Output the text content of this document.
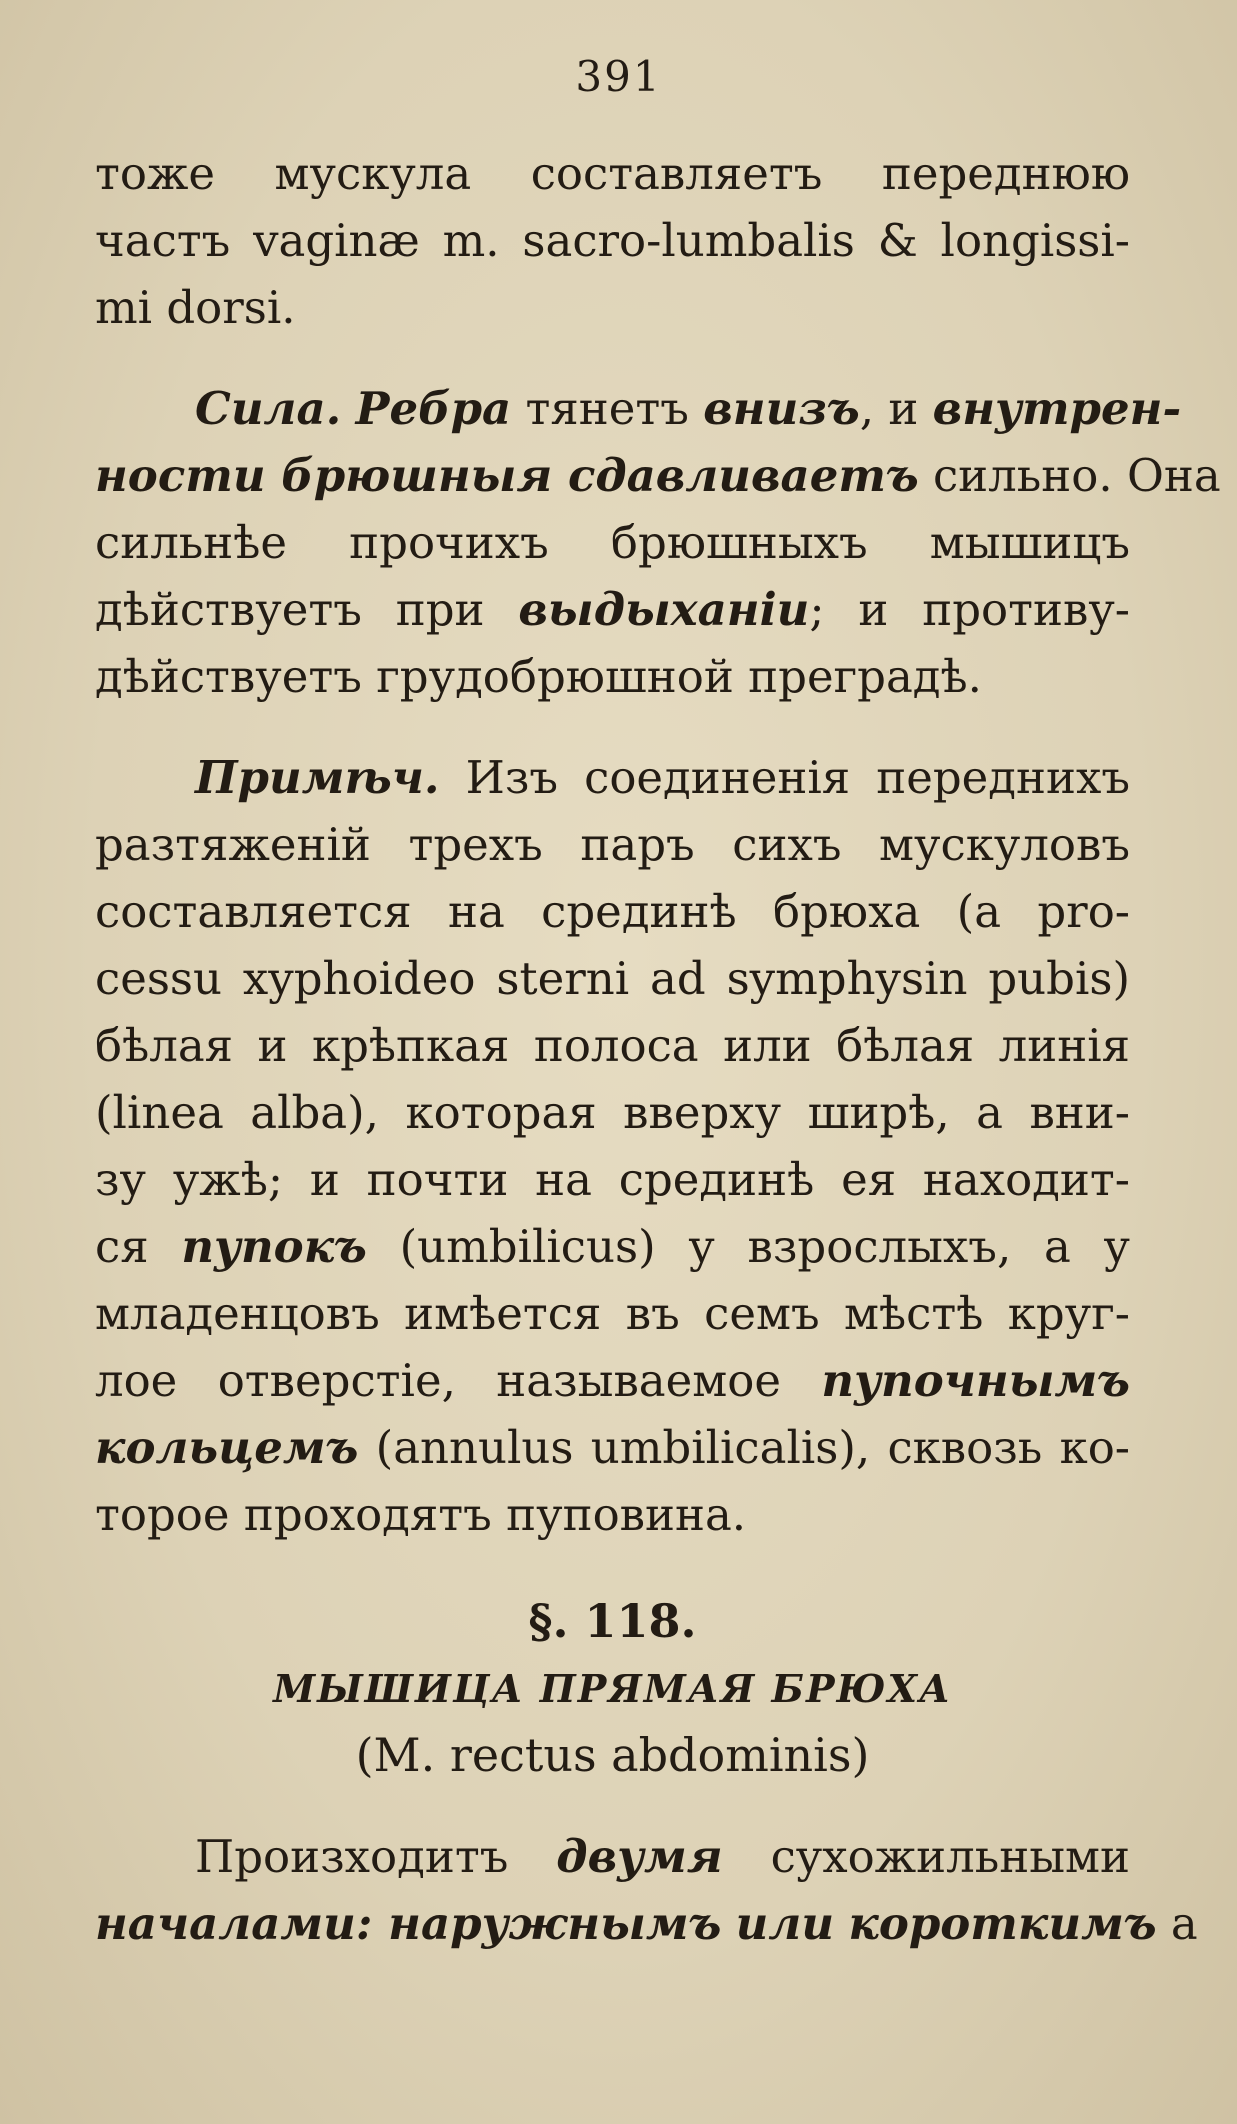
391
тоже мускула составляетъ переднюю
частъ vaginæ m. sacro-lumbalis & longissi-
mi dorsi.
Сила. Ребра тянетъ внизъ, и внутрен-
ности брюшныя сдавливаетъ сильно. Она
сильнѣе прочихъ брюшныхъ мышицъ
дѣйствуетъ при выдыханіи; и противу-
дѣйствуетъ грудобрюшной преградѣ.
Примѣч. Изъ соединенія переднихъ
разтяженій трехъ паръ сихъ мускуловъ
составляется на срединѣ брюха (a pro-
cessu xyphoideo sterni ad symphysin pubis)
бѣлая и крѣпкая полоса или бѣлая линія
(linea alba), которая вверху ширѣ, а вни-
зу ужѣ; и почти на срединѣ ея находит-
ся пупокъ (umbilicus) у взрослыхъ, а у
младенцовъ имѣется въ семъ мѣстѣ круг-
лое отверстіе, называемое пупочнымъ
кольцемъ (annulus umbilicalis), сквозь ко-
торое проходятъ пуповина.
§. 118.
МЫШИЦА ПРЯМАЯ БРЮХА
(M. rectus abdominis)
Произходитъ двумя сухожильными
началами: наружнымъ или короткимъ а
